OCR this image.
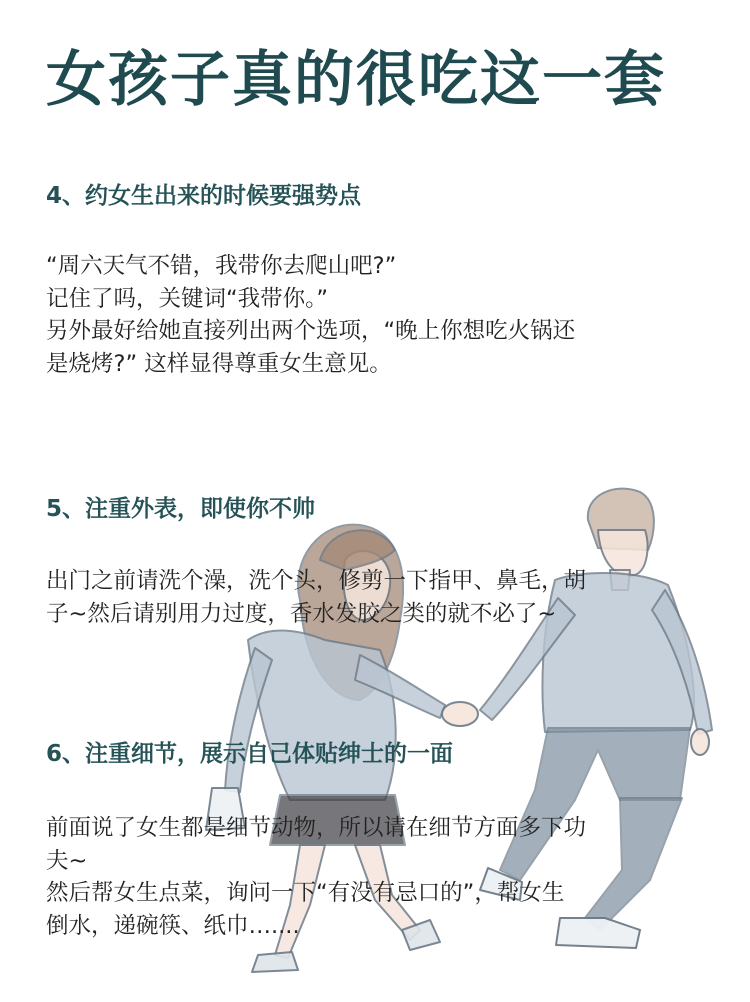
女孩子真的很吃这一套
4、约女生出来的时候要强势点

“周六天气不错，我带你去爬山吧?”
记住了吗，关键词“我带你。”
另外最好给她直接列出两个选项，“晚上你想吃火锅还
是烧烤?” 这样显得尊重女生意见。

5、注重外表，即使你不帅

出门之前请洗个澡，洗个头，修剪一下指甲、鼻毛，胡
子~然后请别用力过度，香水发胶之类的就不必了~

6、注重细节，展示自己体贴绅士的一面

前面说了女生都是细节动物，所以请在细节方面多下功
夫~
然后帮女生点菜，询问一下“有没有忌口的”，帮女生
倒水，递碗筷、纸巾…....
